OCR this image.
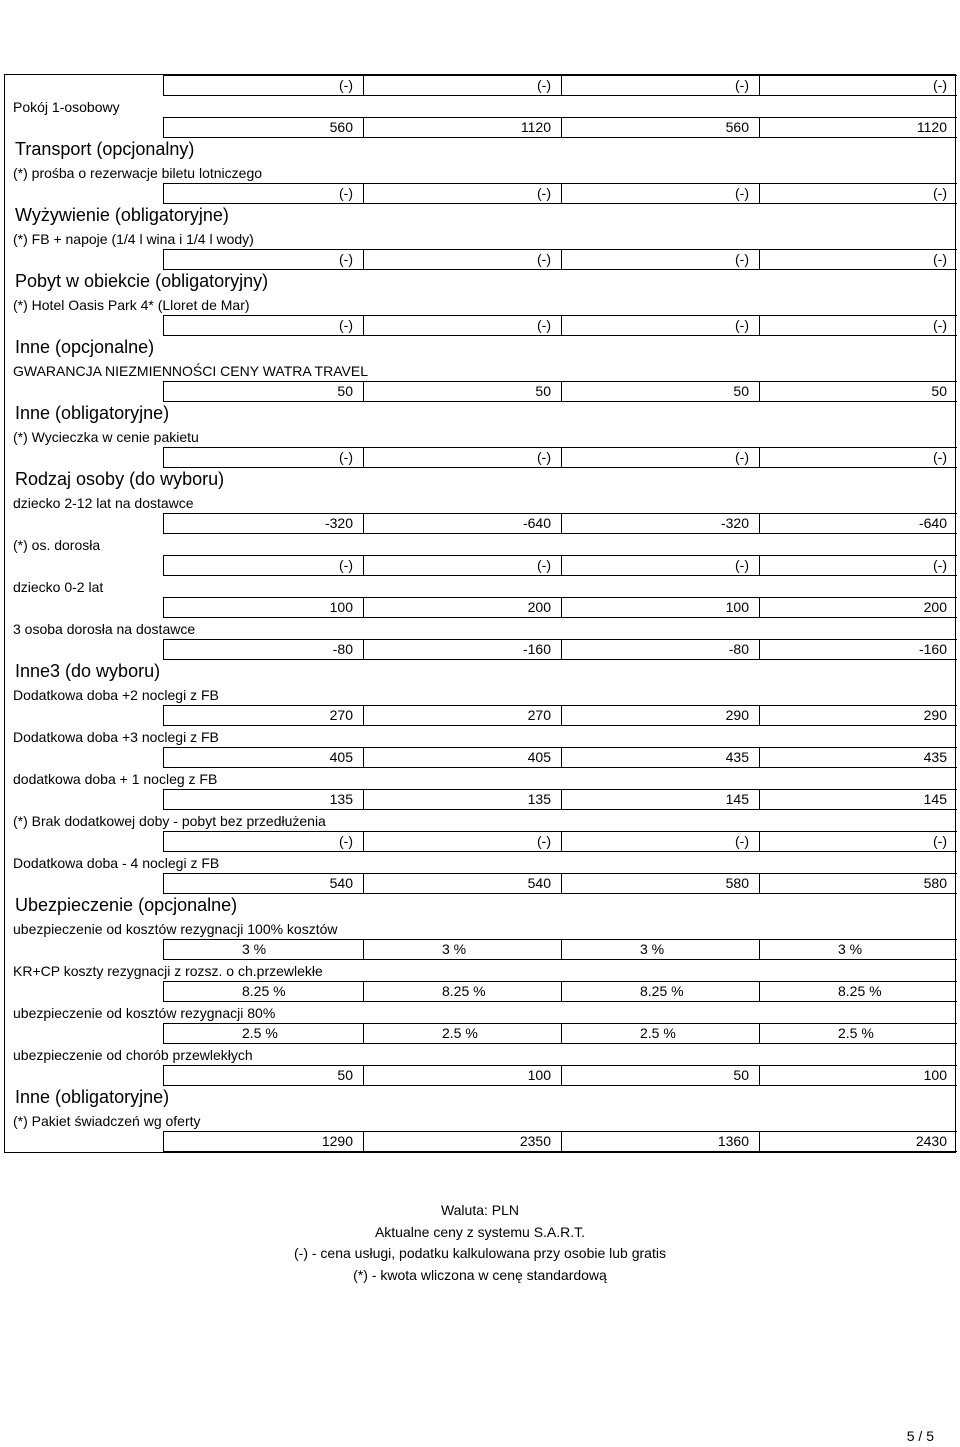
(-)	(-)	(-)	(-)
Pokój 1-osobowy
560	1120	560	1120
Transport (opcjonalny)
(*) prośba o rezerwacje biletu lotniczego
(-)	(-)	(-)	(-)
Wyżywienie (obligatoryjne)
(*) FB + napoje (1/4 l wina i 1/4 l wody)
(-)	(-)	(-)	(-)
Pobyt w obiekcie (obligatoryjny)
(*) Hotel Oasis Park 4* (Lloret de Mar)
(-)	(-)	(-)	(-)
Inne (opcjonalne)
GWARANCJA NIEZMIENNOŚCI CENY WATRA TRAVEL
50	50	50	50
Inne (obligatoryjne)
(*) Wycieczka w cenie pakietu
(-)	(-)	(-)	(-)
Rodzaj osoby (do wyboru)
dziecko 2-12 lat na dostawce
-320	-640	-320	-640
(*) os. dorosła
(-)	(-)	(-)	(-)
dziecko 0-2 lat
100	200	100	200
3 osoba dorosła na dostawce
-80	-160	-80	-160
Inne3 (do wyboru)
Dodatkowa doba +2 noclegi z FB
270	270	290	290
Dodatkowa doba +3 noclegi z FB
405	405	435	435
dodatkowa doba + 1 nocleg z FB
135	135	145	145
(*) Brak dodatkowej doby - pobyt bez przedłużenia
(-)	(-)	(-)	(-)
Dodatkowa doba - 4 noclegi z FB
540	540	580	580
Ubezpieczenie (opcjonalne)
ubezpieczenie od kosztów rezygnacji 100% kosztów
3 %	3 %	3 %	3 %
KR+CP koszty rezygnacji z rozsz. o ch.przewlekłe
8.25 %	8.25 %	8.25 %	8.25 %
ubezpieczenie od kosztów rezygnacji 80%
2.5 %	2.5 %	2.5 %	2.5 %
ubezpieczenie od chorób przewlekłych
50	100	50	100
Inne (obligatoryjne)
(*) Pakiet świadczeń wg oferty
1290	2350	1360	2430
Waluta: PLN
Aktualne ceny z systemu S.A.R.T.
(-) - cena usługi, podatku kalkulowana przy osobie lub gratis
(*) - kwota wliczona w cenę standardową
5 / 5
